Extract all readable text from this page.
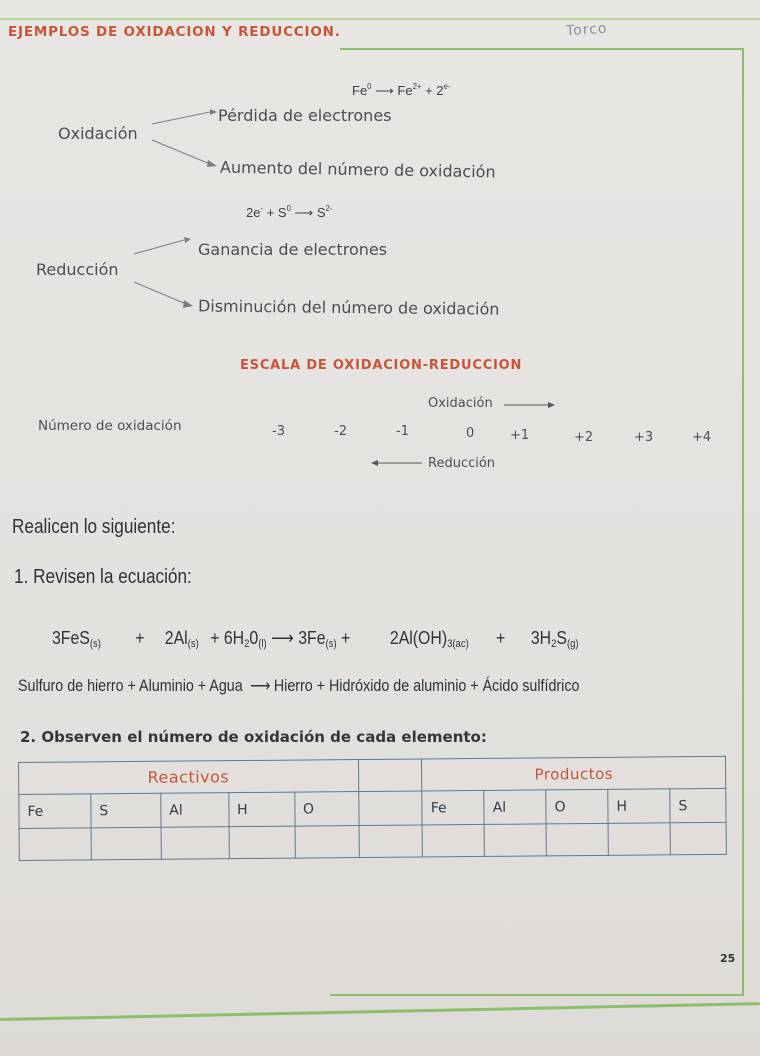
EJEMPLOS DE OXIDACION Y REDUCCION.	Torco
Fe$^0$ ⟶ $Fe^{2+} + 2^{e-}$
Oxidación
Pérdida de electrones
Aumento del número de oxidación
$2e^- + S^0$ ⟶ $S^{2-}$
Reducción
Ganancia de electrones
Disminución del número de oxidación
ESCALA DE OXIDACION-REDUCCION
Oxidación
Número de oxidación	-3	-2	-1	0	+1	+2	+3	+4
Reducción
Realicen lo siguiente:
1. Revisen la ecuación:
$3FeS_{(s)} + 2Al_{(s)} + 6H_20_{(l)}$ ⟶ $3Fe_{(s)} + 2Al(OH)_{3(ac)} + 3H_2S_{(g)}$
Sulfuro de hierro + Aluminio + Agua ⟶ Hierro + Hidróxido de aluminio + Ácido sulfídrico
2. Observen el número de oxidación de cada elemento:
Reactivos						Productos				
Fe	S	Al	H	O		Fe	Al	O	H	S

25
